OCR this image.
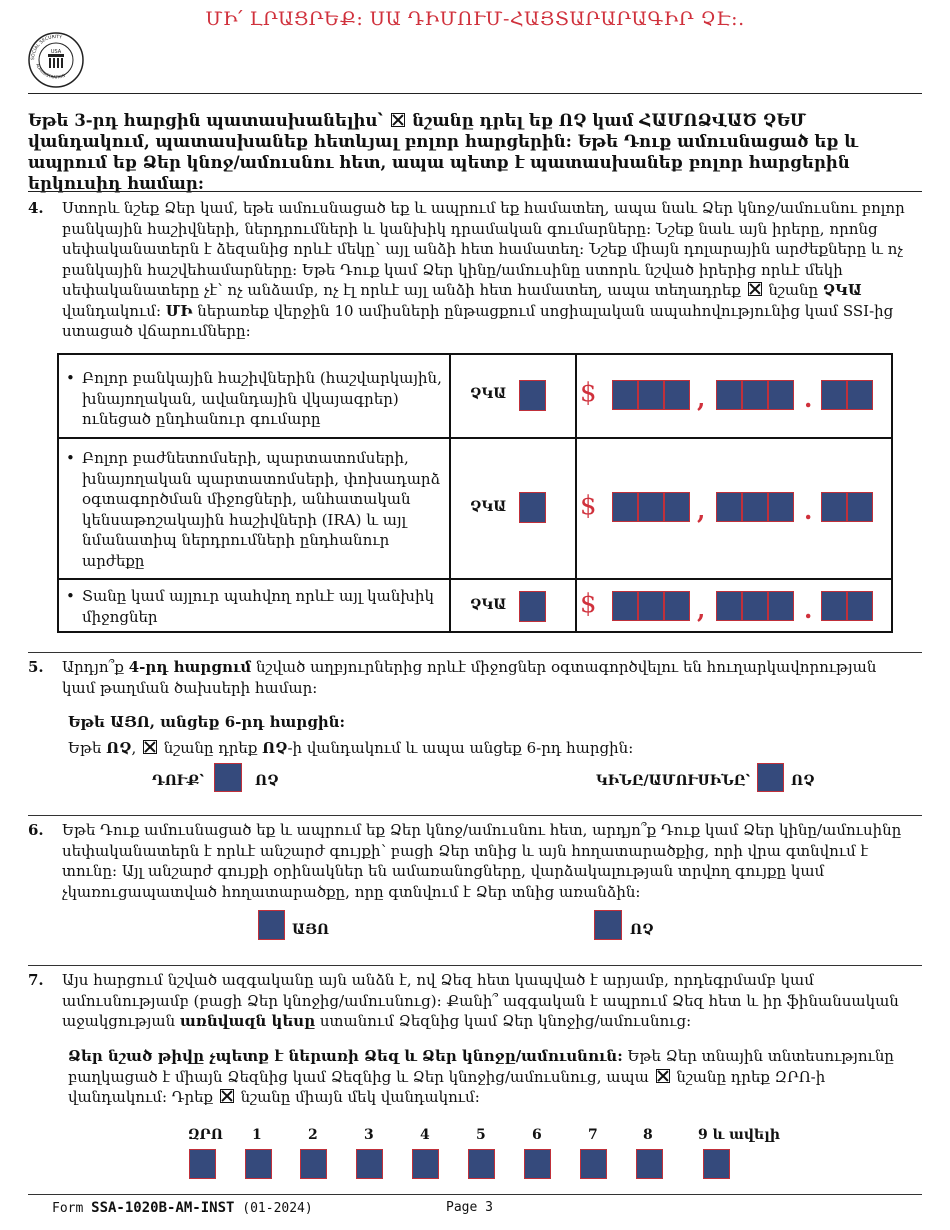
ՄԻ՛ ԼՐԱՑՐԵՔ: ՍԱ ԴԻՄՈՒՄ-ՀԱՅՏԱՐԱՐԱԳԻՐ ՉԷ:.
USA
SOCIAL SECURITY
ADMINISTRATION
Եթե 3-րդ հարցին պատասխանելիս՝  նշանը դրել եք ՈՉ կամ ՀԱՄՈՁՎԱԾ ՉԵՄ վանդակում, պատասխանեք հետևյալ բոլոր հարցերին: Եթե Դուք ամուսնացած եք և ապրում եք Ձեր կնոջ/ամուսնու հետ, ապա պետք է պատասխանեք բոլոր հարցերին երկուսիդ համար:
4. Ստորև նշեք Ձեր կամ, եթե ամուսնացած եք և ապրում եք համատեղ, ապա նաև Ձեր կնոջ/ամուսնու բոլոր բանկային հաշիվների, ներդրումների և կանխիկ դրամական գումարները: Նշեք նաև այն իրերը, որոնց սեփականատերն է ձեզանից որևէ մեկը՝ այլ անձի հետ համատեղ: Նշեք միայն դոլարային արժեքները և ոչ բանկային հաշվեհամարները: Եթե Դուք կամ Ձեր կինը/ամուսինը ստորև նշված իրերից որևէ մեկի սեփականատերը չէ՝ ոչ անձամբ, ոչ էլ որևէ այլ անձի հետ համատեղ, ապա տեղադրեք  նշանը ՉԿԱ վանդակում: ՄԻ ներառեք վերջին 10 ամիսների ընթացքում սոցիալական ապահովությունից կամ SSI-ից ստացած վճարումները:
• Բոլոր բանկային հաշիվներին (հաշվարկային, խնայողական, ավանդային վկայագրեր) ունեցած ընդհանուր գումարը
ՉԿԱ	$	,	.
• Բոլոր բաժնետոմսերի, պարտատոմսերի, խնայողական պարտատոմսերի, փոխադարձ օգտագործման միջոցների, անհատական կենսաթոշակային հաշիվների (IRA) և այլ նմանատիպ ներդրումների ընդհանուր արժեքը
ՉԿԱ	$	,	.
• Տանը կամ այլուր պահվող որևէ այլ կանխիկ միջոցներ
ՉԿԱ	$	,	.
5. Արդյո՞ք 4-րդ հարցում նշված աղբյուրներից որևէ միջոցներ օգտագործվելու են հուղարկավորության կամ թաղման ծախսերի համար:
Եթե ԱՅՈ, անցեք 6-րդ հարցին:
Եթե ՈՉ,  նշանը դրեք ՈՉ-ի վանդակում և ապա անցեք 6-րդ հարցին:
ԴՈՒՔ՝	ՈՉ	ԿԻՆԸ/ԱՄՈՒՍԻՆԸ՝	ՈՉ
6. Եթե Դուք ամուսնացած եք և ապրում եք Ձեր կնոջ/ամուսնու հետ, արդյո՞ք Դուք կամ Ձեր կինը/ամուսինը սեփականատերն է որևէ անշարժ գույքի՝ բացի Ձեր տնից և այն հողատարածքից, որի վրա գտնվում է տունը: Այլ անշարժ գույքի օրինակներ են ամառանոցները, վարձակալության տրվող գույքը կամ չկառուցապատված հողատարածքը, որը գտնվում է Ձեր տնից առանձին:
ԱՅՈ	ՈՉ
7. Այս հարցում նշված ազգականը այն անձն է, ով Ձեզ հետ կապված է արյամբ, որդեգրմամբ կամ ամուսնությամբ (բացի Ձեր կնոջից/ամուսնուց): Քանի՞ ազգական է ապրում Ձեզ հետ և իր ֆինանսական աջակցության առնվազն կեսը ստանում Ձեզնից կամ Ձեր կնոջից/ամուսնուց:
Ձեր նշած թիվը չպետք է ներառի Ձեզ և Ձեր կնոջը/ամուսնուն: Եթե Ձեր տնային տնտեսությունը բաղկացած է միայն Ձեզնից կամ Ձեզնից և Ձեր կնոջից/ամուսնուց, ապա  նշանը դրեք ԶՐՈ-ի վանդակում: Դրեք  նշանը միայն մեկ վանդակում:
ԶՐՈ 1	2	3	4	5	6	7	8	9 և ավելի
Form SSA-1020B-AM-INST (01-2024)	Page 3
